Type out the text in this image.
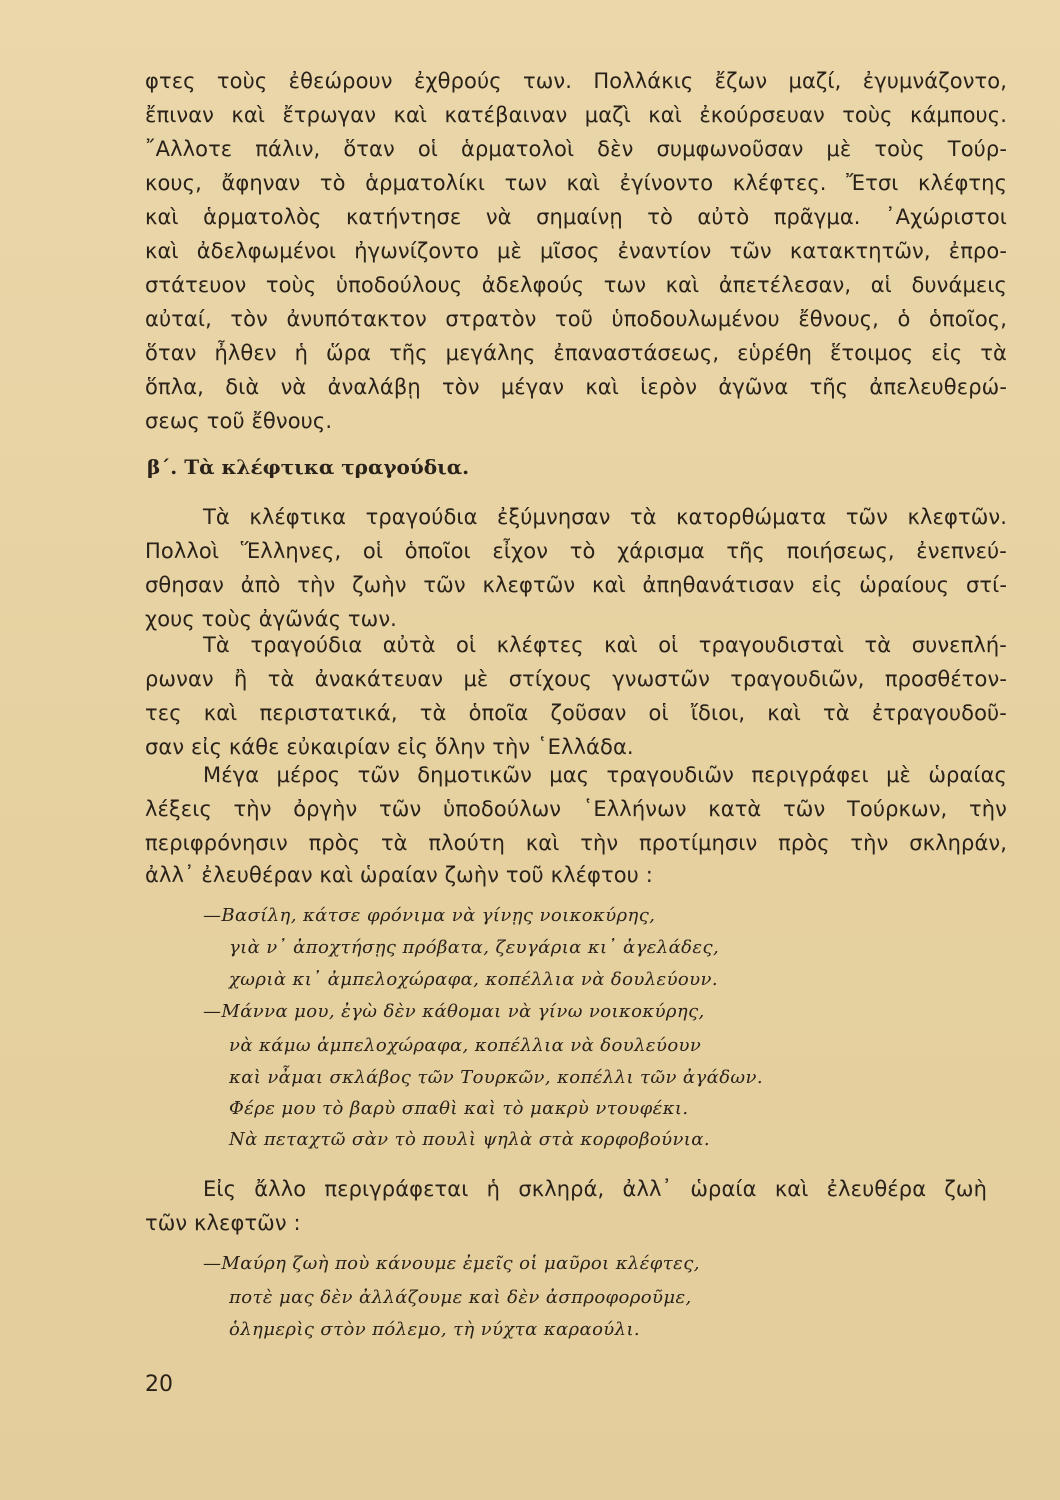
φτες τοὺς ἐθεώρουν ἐχθρούς των. Πολλάκις ἔζων μαζί, ἐγυμνάζοντο,
ἔπιναν καὶ ἔτρωγαν καὶ κατέβαιναν μαζὶ καὶ ἐκούρσευαν τοὺς κάμπους.
῎Αλλοτε πάλιν, ὅταν οἱ ἁρματολοὶ δὲν συμφωνοῦσαν μὲ τοὺς Τούρ-
κους, ἄφηναν τὸ ἁρματολίκι των καὶ ἐγίνοντο κλέφτες. Ἔτσι κλέφτης
καὶ ἁρματολὸς κατήντησε νὰ σημαίνῃ τὸ αὐτὸ πρᾶγμα. ᾿Αχώριστοι
καὶ ἀδελφωμένοι ἠγωνίζοντο μὲ μῖσος ἐναντίον τῶν κατακτητῶν, ἐπρο-
στάτευον τοὺς ὑποδούλους ἀδελφούς των καὶ ἀπετέλεσαν, αἱ δυνάμεις
αὐταί, τὸν ἀνυπότακτον στρατὸν τοῦ ὑποδουλωμένου ἔθνους, ὁ ὁποῖος,
ὅταν ἦλθεν ἡ ὥρα τῆς μεγάλης ἐπαναστάσεως, εὑρέθη ἕτοιμος εἰς τὰ
ὅπλα, διὰ νὰ ἀναλάβῃ τὸν μέγαν καὶ ἱερὸν ἀγῶνα τῆς ἀπελευθερώ-
σεως τοῦ ἔθνους.
β΄. Τὰ κλέφτικα τραγούδια.
Τὰ κλέφτικα τραγούδια ἐξύμνησαν τὰ κατορθώματα τῶν κλεφτῶν.
Πολλοὶ Ἕλληνες, οἱ ὁποῖοι εἶχον τὸ χάρισμα τῆς ποιήσεως, ἐνεπνεύ-
σθησαν ἀπὸ τὴν ζωὴν τῶν κλεφτῶν καὶ ἀπηθανάτισαν εἰς ὡραίους στί-
χους τοὺς ἀγῶνάς των.
Τὰ τραγούδια αὐτὰ οἱ κλέφτες καὶ οἱ τραγουδισταὶ τὰ συνεπλή-
ρωναν ἢ τὰ ἀνακάτευαν μὲ στίχους γνωστῶν τραγουδιῶν, προσθέτον-
τες καὶ περιστατικά, τὰ ὁποῖα ζοῦσαν οἱ ἴδιοι, καὶ τὰ ἐτραγουδοῦ-
σαν εἰς κάθε εὐκαιρίαν εἰς ὅλην τὴν ῾Ελλάδα.
Μέγα μέρος τῶν δημοτικῶν μας τραγουδιῶν περιγράφει μὲ ὡραίας
λέξεις τὴν ὀργὴν τῶν ὑποδούλων ῾Ελλήνων κατὰ τῶν Τούρκων, τὴν
περιφρόνησιν πρὸς τὰ πλούτη καὶ τὴν προτίμησιν πρὸς τὴν σκληράν,
ἀλλ᾿ ἐλευθέραν καὶ ὡραίαν ζωὴν τοῦ κλέφτου :
—Βασίλη, κάτσε φρόνιμα νὰ γίνῃς νοικοκύρης,
γιὰ ν᾿ ἀποχτήσῃς πρόβατα, ζευγάρια κι᾿ ἀγελάδες,
χωριὰ κι᾿ ἀμπελοχώραφα, κοπέλλια νὰ δουλεύουν.
—Μάννα μου, ἐγὼ δὲν κάθομαι νὰ γίνω νοικοκύρης,
νὰ κάμω ἀμπελοχώραφα, κοπέλλια νὰ δουλεύουν
καὶ νἆμαι σκλάβος τῶν Τουρκῶν, κοπέλλι τῶν ἀγάδων.
Φέρε μου τὸ βαρὺ σπαθὶ καὶ τὸ μακρὺ ντουφέκι.
Νὰ πεταχτῶ σὰν τὸ πουλὶ ψηλὰ στὰ κορφοβούνια.
Εἰς ἄλλο περιγράφεται ἡ σκληρά, ἀλλ᾿ ὡραία καὶ ἐλευθέρα ζωὴ
τῶν κλεφτῶν :
—Μαύρη ζωὴ ποὺ κάνουμε ἐμεῖς οἱ μαῦροι κλέφτες,
ποτὲ μας δὲν ἀλλάζουμε καὶ δὲν ἀσπροφοροῦμε,
ὁλημερὶς στὸν πόλεμο, τὴ νύχτα καραούλι.
20
